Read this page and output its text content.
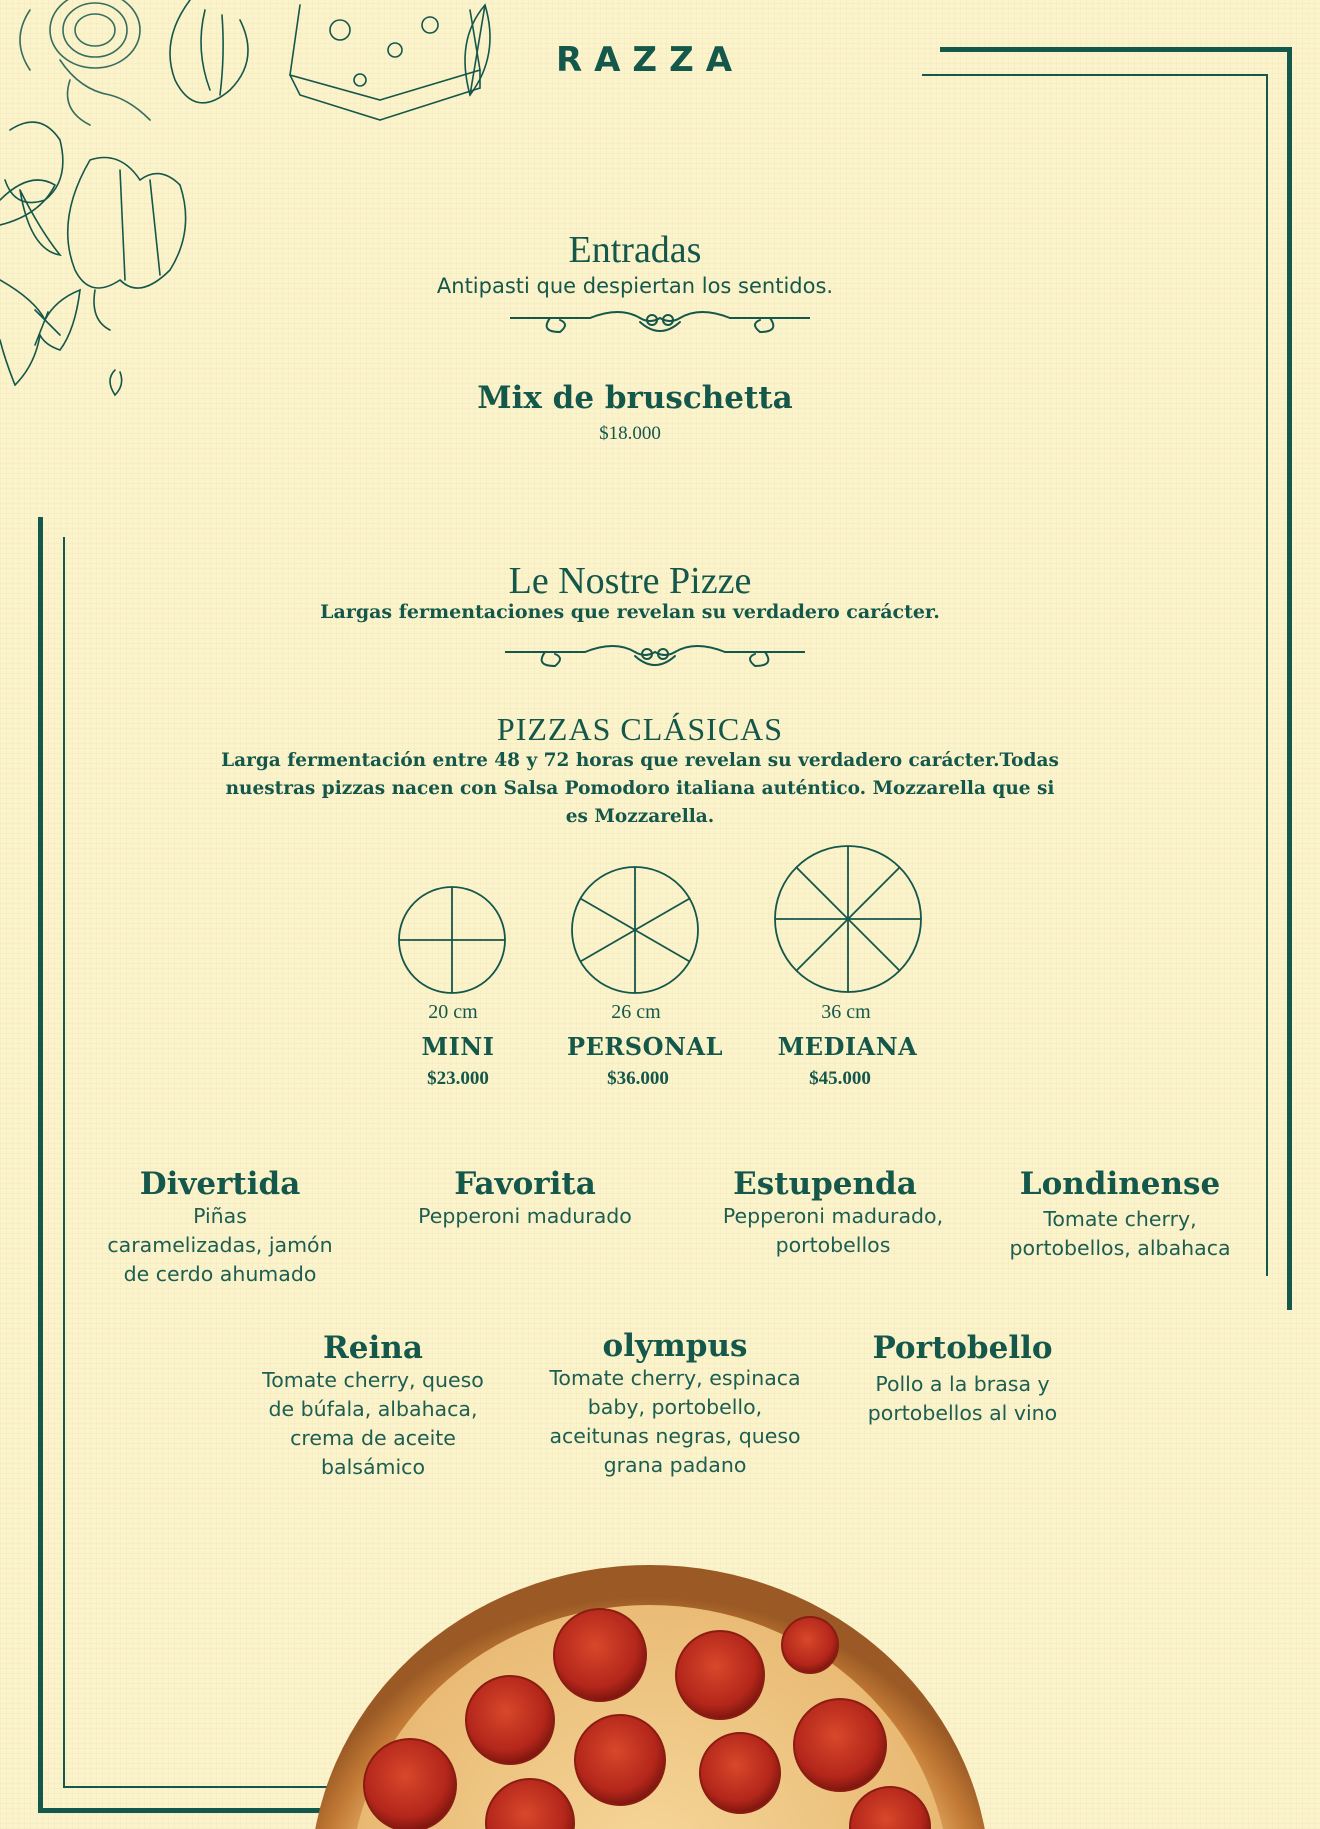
RAZZA
Entradas
Antipasti que despiertan los sentidos.
Mix de bruschetta
$18.000
Le Nostre Pizze
Largas fermentaciones que revelan su verdadero carácter.
PIZZAS CLÁSICAS
Larga fermentación entre 48 y 72 horas que revelan su verdadero carácter.Todas
nuestras pizzas nacen con Salsa Pomodoro italiana auténtico. Mozzarella que si
es Mozzarella.
20 cm	26 cm	36 cm
MINI	PERSONAL	MEDIANA
$23.000	$36.000	$45.000
Divertida
Piñas
caramelizadas, jamón
de cerdo ahumado
Favorita
Pepperoni madurado
Estupenda
Pepperoni madurado,
portobellos
Londinense
Tomate cherry,
portobellos, albahaca
Reina
Tomate cherry, queso
de búfala, albahaca,
crema de aceite
balsámico
olympus
Tomate cherry, espinaca
baby, portobello,
aceitunas negras, queso
grana padano
Portobello
Pollo a la brasa y
portobellos al vino
